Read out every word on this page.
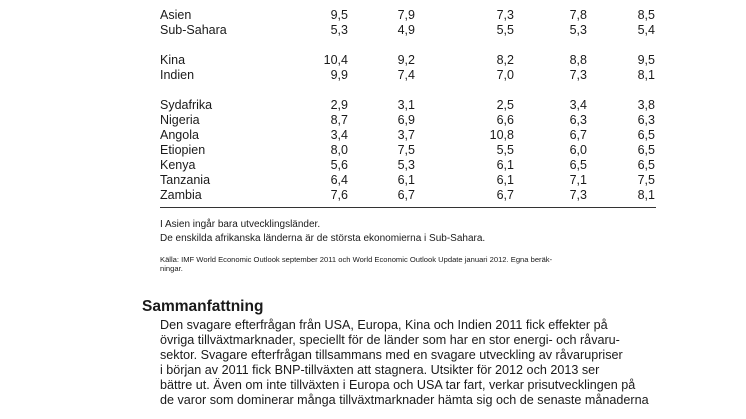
Asien	9,5	7,9	7,3	7,8	8,5
Sub-Sahara	5,3	4,9	5,5	5,3	5,4
Kina	10,4	9,2	8,2	8,8	9,5
Indien	9,9	7,4	7,0	7,3	8,1
Sydafrika	2,9	3,1	2,5	3,4	3,8
Nigeria	8,7	6,9	6,6	6,3	6,3
Angola	3,4	3,7	10,8	6,7	6,5
Etiopien	8,0	7,5	5,5	6,0	6,5
Kenya	5,6	5,3	6,1	6,5	6,5
Tanzania	6,4	6,1	6,1	7,1	7,5
Zambia	7,6	6,7	6,7	7,3	8,1
I Asien ingår bara utvecklingsländer.
De enskilda afrikanska länderna är de största ekonomierna i Sub-Sahara.
Källa: IMF World Economic Outlook september 2011 och World Economic Outlook Update januari 2012. Egna beräk-
ningar.
Sammanfattning
Den svagare efterfrågan från USA, Europa, Kina och Indien 2011 fick effekter på
övriga tillväxtmarknader, speciellt för de länder som har en stor energi- och råvaru-
sektor. Svagare efterfrågan tillsammans med en svagare utveckling av råvarupriser
i början av 2011 fick BNP-tillväxten att stagnera. Utsikter för 2012 och 2013 ser
bättre ut. Även om inte tillväxten i Europa och USA tar fart, verkar prisutvecklingen på
de varor som dominerar många tillväxtmarknader hämta sig och de senaste månaderna
